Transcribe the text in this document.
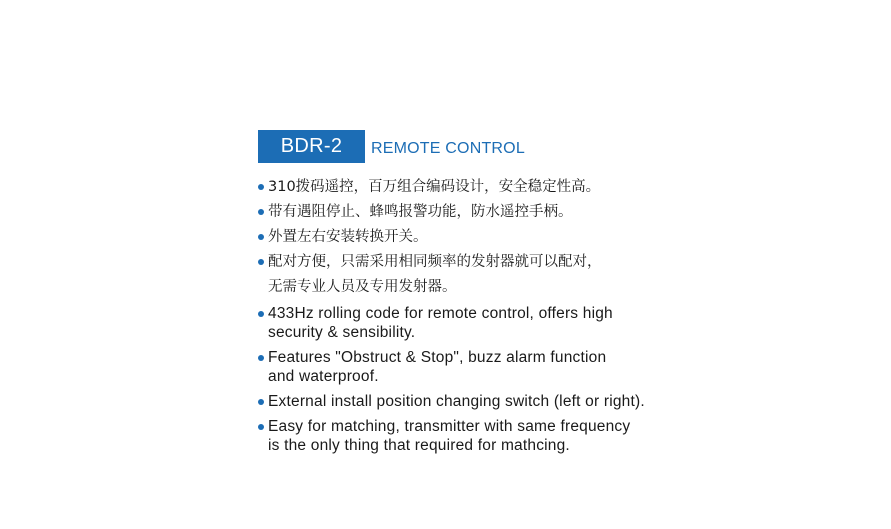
BDR-2	REMOTE CONTROL
310拨码遥控，百万组合编码设计，安全稳定性高。
带有遇阻停止、蜂鸣报警功能，防水遥控手柄。
外置左右安装转换开关。
配对方便，只需采用相同频率的发射器就可以配对，
无需专业人员及专用发射器。
433Hz rolling code for remote control, offers high
security & sensibility.
Features "Obstruct & Stop", buzz alarm function
and waterproof.
External install position changing switch (left or right).
Easy for matching, transmitter with same frequency
is the only thing that required for mathcing.
